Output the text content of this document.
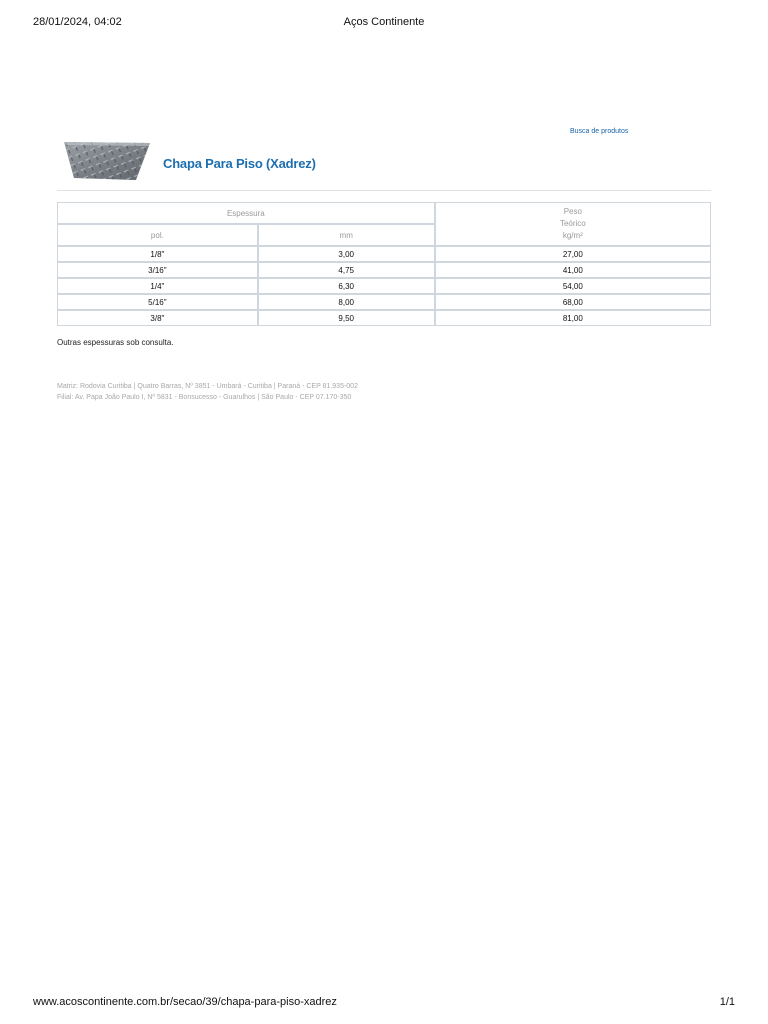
28/01/2024, 04:02	Aços Continente
Busca de produtos
Chapa Para Piso (Xadrez)
Espessura		Peso
Teórico
kg/m²

pol.	mm	
1/8"	3,00	27,00
3/16"	4,75	41,00
1/4"	6,30	54,00
5/16"	8,00	68,00
3/8"	9,50	81,00
Outras espessuras sob consulta.
Matriz: Rodovia Curitiba | Quatro Barras, Nº 3851 - Umbará - Curitiba | Paraná - CEP 81.935-002
Filial: Av. Papa João Paulo I, Nº 5831 - Bonsucesso - Guarulhos | São Paulo - CEP 07.170-350
www.acoscontinente.com.br/secao/39/chapa-para-piso-xadrez	1/1
